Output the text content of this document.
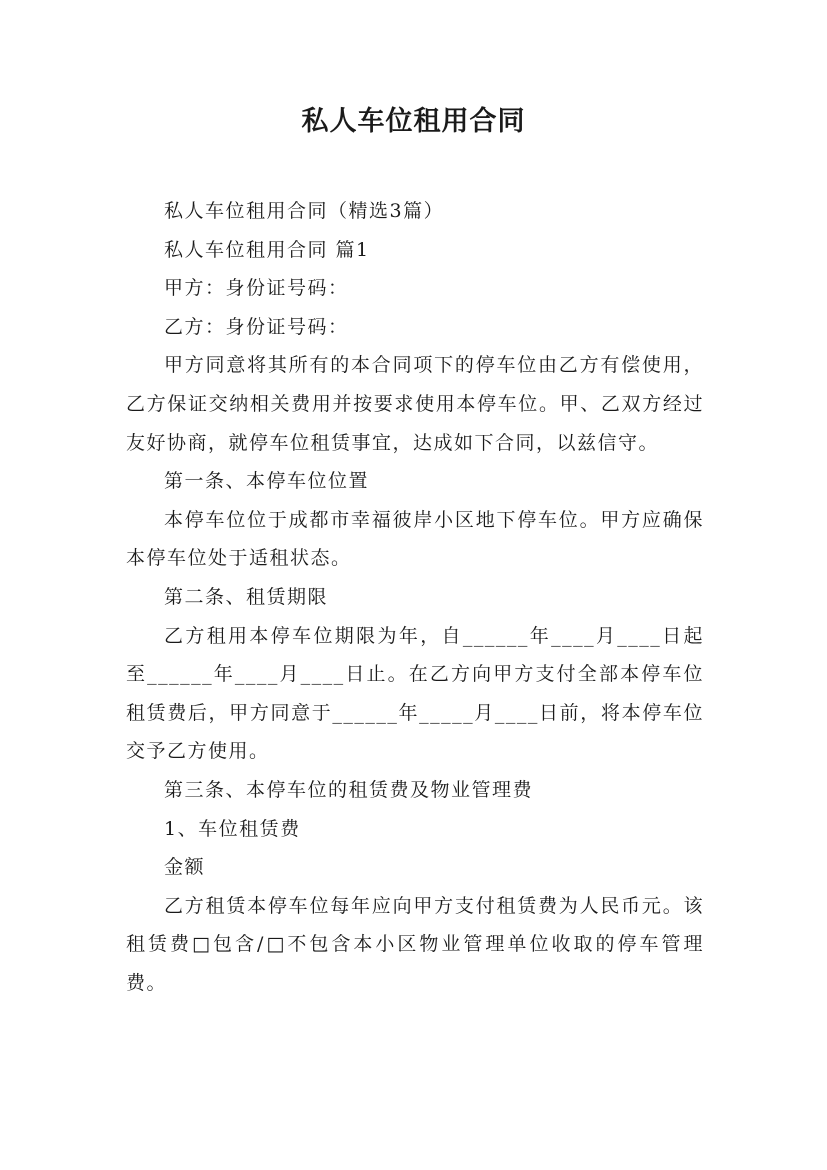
私人车位租用合同

私人车位租用合同（精选3篇）

私人车位租用合同 篇1

甲方：身份证号码：

乙方：身份证号码：

甲方同意将其所有的本合同项下的停车位由乙方有偿使用，乙方保证交纳相关费用并按要求使用本停车位。甲、乙双方经过友好协商，就停车位租赁事宜，达成如下合同，以兹信守。

第一条、本停车位位置

本停车位位于成都市幸福彼岸小区地下停车位。甲方应确保本停车位处于适租状态。

第二条、租赁期限

乙方租用本停车位期限为年，自______年____月____日起至______年____月____日止。在乙方向甲方支付全部本停车位租赁费后，甲方同意于______年_____月____日前，将本停车位交予乙方使用。

第三条、本停车位的租赁费及物业管理费

1、车位租赁费

金额

乙方租赁本停车位每年应向甲方支付租赁费为人民币元。该租赁费□包含/□不包含本小区物业管理单位收取的停车管理费。
